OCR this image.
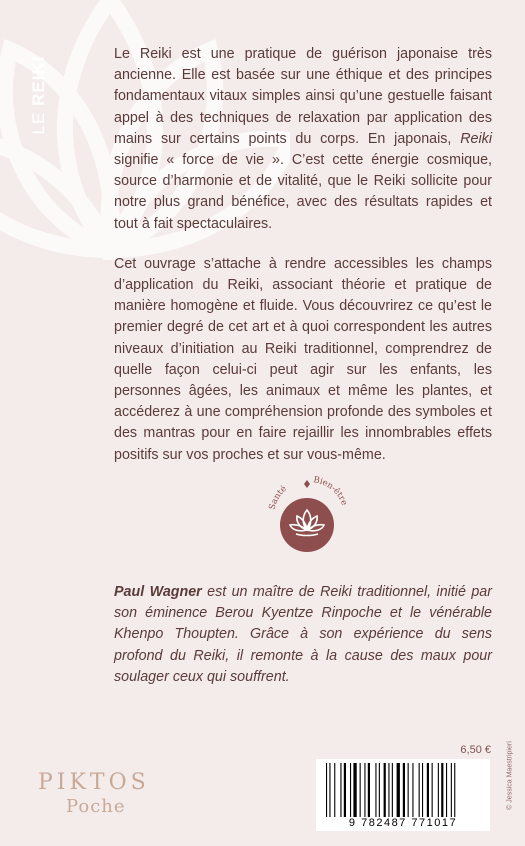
LE REIKI

Le Reiki est une pratique de guérison japonaise très ancienne. Elle est basée sur une éthique et des principes fondamentaux vitaux simples ainsi qu’une gestuelle faisant appel à des techniques de relaxation par application des mains sur certains points du corps. En japonais, Reiki signifie « force de vie ». C’est cette énergie cosmique, source d’harmonie et de vitalité, que le Reiki sollicite pour notre plus grand bénéfice, avec des résultats rapides et tout à fait spectaculaires.

Cet ouvrage s’attache à rendre accessibles les champs d’application du Reiki, associant théorie et pratique de manière homogène et fluide. Vous découvrirez ce qu’est le premier degré de cet art et à quoi correspondent les autres niveaux d’initiation au Reiki traditionnel, comprendrez de quelle façon celui-ci peut agir sur les enfants, les personnes âgées, les animaux et même les plantes, et accéderez à une compréhension profonde des symboles et des mantras pour en faire rejaillir les innombrables effets positifs sur vos proches et sur vous-même.

Santé
Bien-être
Paul Wagner est un maître de Reiki traditionnel, initié par son éminence Berou Kyentze Rinpoche et le vénérable Khenpo Thoupten. Grâce à son expérience du sens profond du Reiki, il remonte à la cause des maux pour soulager ceux qui souffrent.
6,50 €
9 782487 771017
© Jessica Maestripieri
PIKTOS
Poche
